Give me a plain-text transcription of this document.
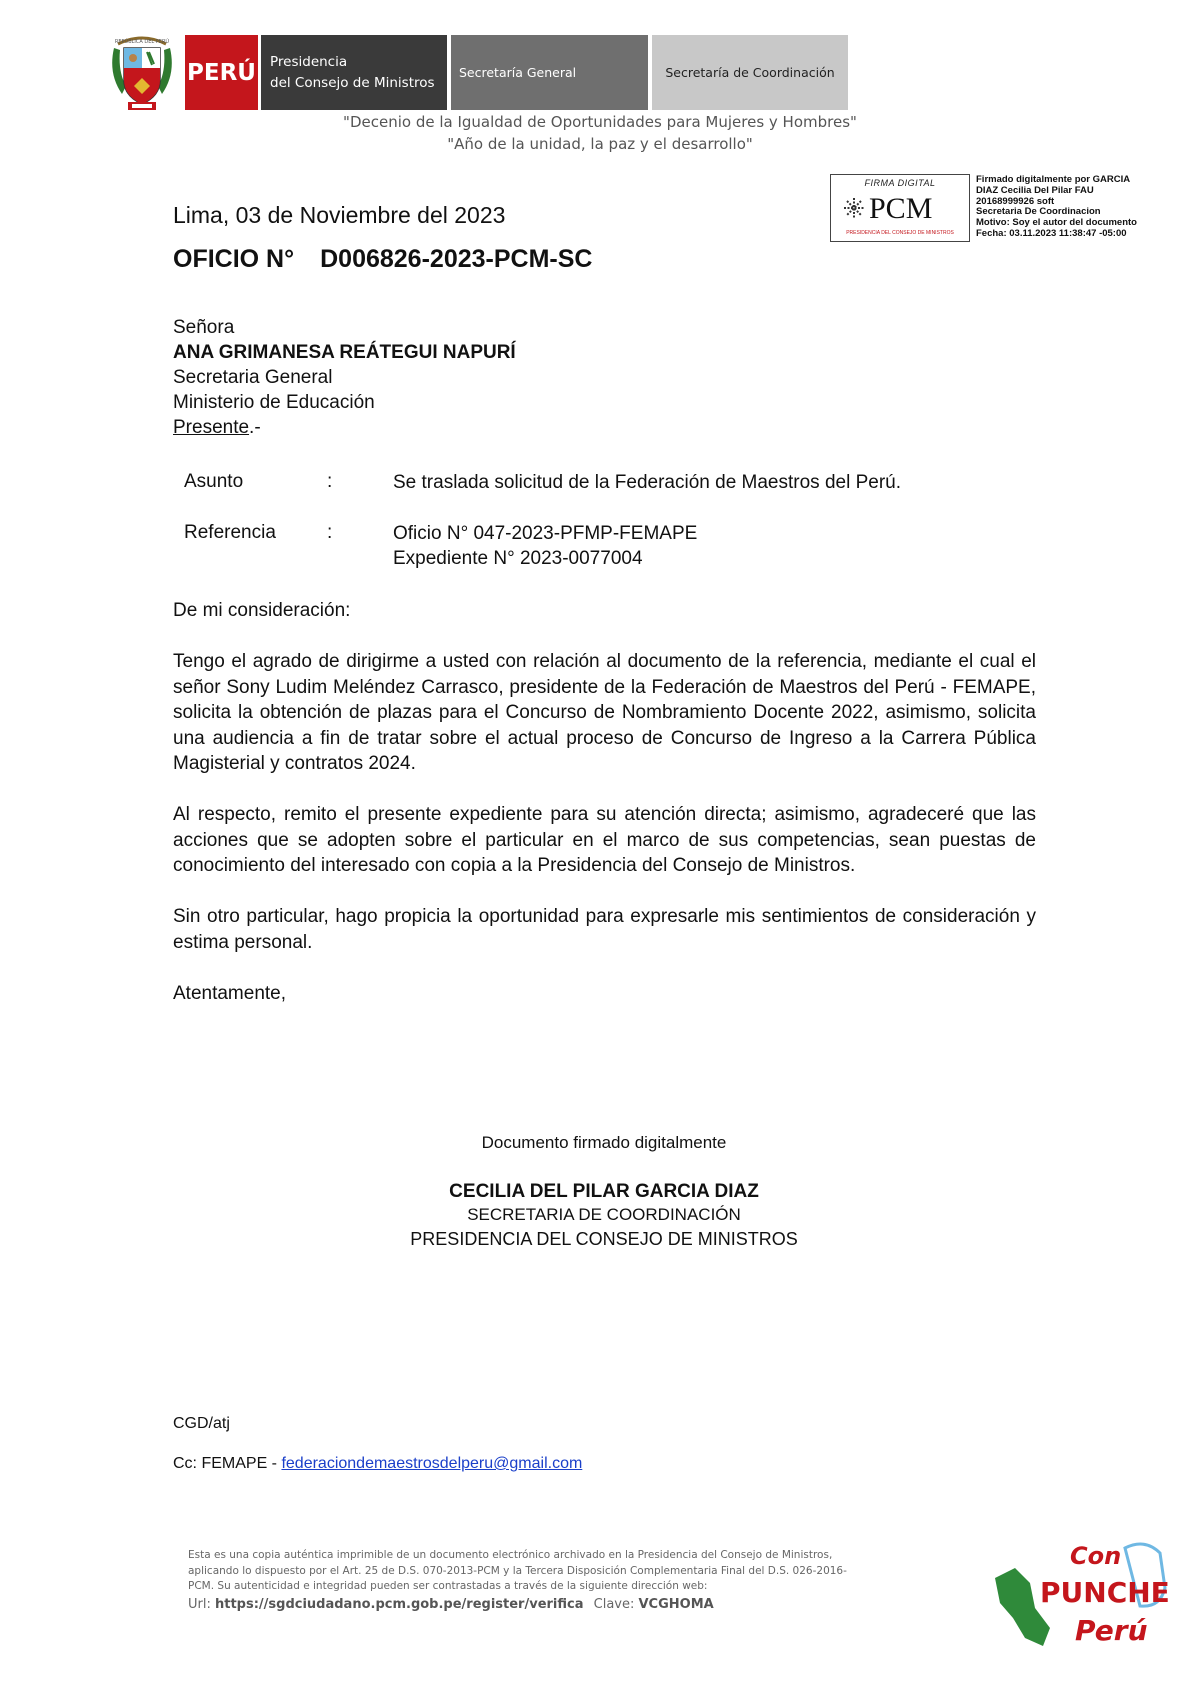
REPÚBLICA DEL PERÚ
PERÚ Presidencia
del Consejo de Ministros
Secretaría General	Secretaría de Coordinación
"Decenio de la Igualdad de Oportunidades para Mujeres y Hombres"
"Año de la unidad, la paz y el desarrollo"
FIRMA DIGITAL
PCM
PRESIDENCIA DEL CONSEJO DE MINISTROS
Firmado digitalmente por GARCIA
DIAZ Cecilia Del Pilar FAU
20168999926 soft
Secretaria De Coordinacion
Motivo: Soy el autor del documento
Fecha: 03.11.2023 11:38:47 -05:00
Lima, 03 de Noviembre del 2023
OFICIO N° D006826-2023-PCM-SC
Señora
ANA GRIMANESA REÁTEGUI NAPURÍ
Secretaria General
Ministerio de Educación
Presente.-
Asunto	:	Se traslada solicitud de la Federación de Maestros del Perú.
Referencia	:	Oficio N° 047-2023-PFMP-FEMAPE
Expediente N° 2023-0077004
De mi consideración:
Tengo el agrado de dirigirme a usted con relación al documento de la referencia, mediante el cual el señor Sony Ludim Meléndez Carrasco, presidente de la Federación de Maestros del Perú - FEMAPE, solicita la obtención de plazas para el Concurso de Nombramiento Docente 2022, asimismo, solicita una audiencia a fin de tratar sobre el actual proceso de Concurso de Ingreso a la Carrera Pública Magisterial y contratos 2024.
Al respecto, remito el presente expediente para su atención directa; asimismo, agradeceré que las acciones que se adopten sobre el particular en el marco de sus competencias, sean puestas de conocimiento del interesado con copia a la Presidencia del Consejo de Ministros.
Sin otro particular, hago propicia la oportunidad para expresarle mis sentimientos de consideración y estima personal.
Atentamente,
Documento firmado digitalmente
CECILIA DEL PILAR GARCIA DIAZ
SECRETARIA DE COORDINACIÓN
PRESIDENCIA DEL CONSEJO DE MINISTROS
CGD/atj
Cc: FEMAPE - federaciondemaestrosdelperu@gmail.com
Esta es una copia auténtica imprimible de un documento electrónico archivado en la Presidencia del Consejo de Ministros,
aplicando lo dispuesto por el Art. 25 de D.S. 070-2013-PCM y la Tercera Disposición Complementaria Final del D.S. 026-2016-
PCM. Su autenticidad e integridad pueden ser contrastadas a través de la siguiente dirección web:
Url: https://sgdciudadano.pcm.gob.pe/register/verifica Clave: VCGHOMA
Con
PUNCHE
Perú
